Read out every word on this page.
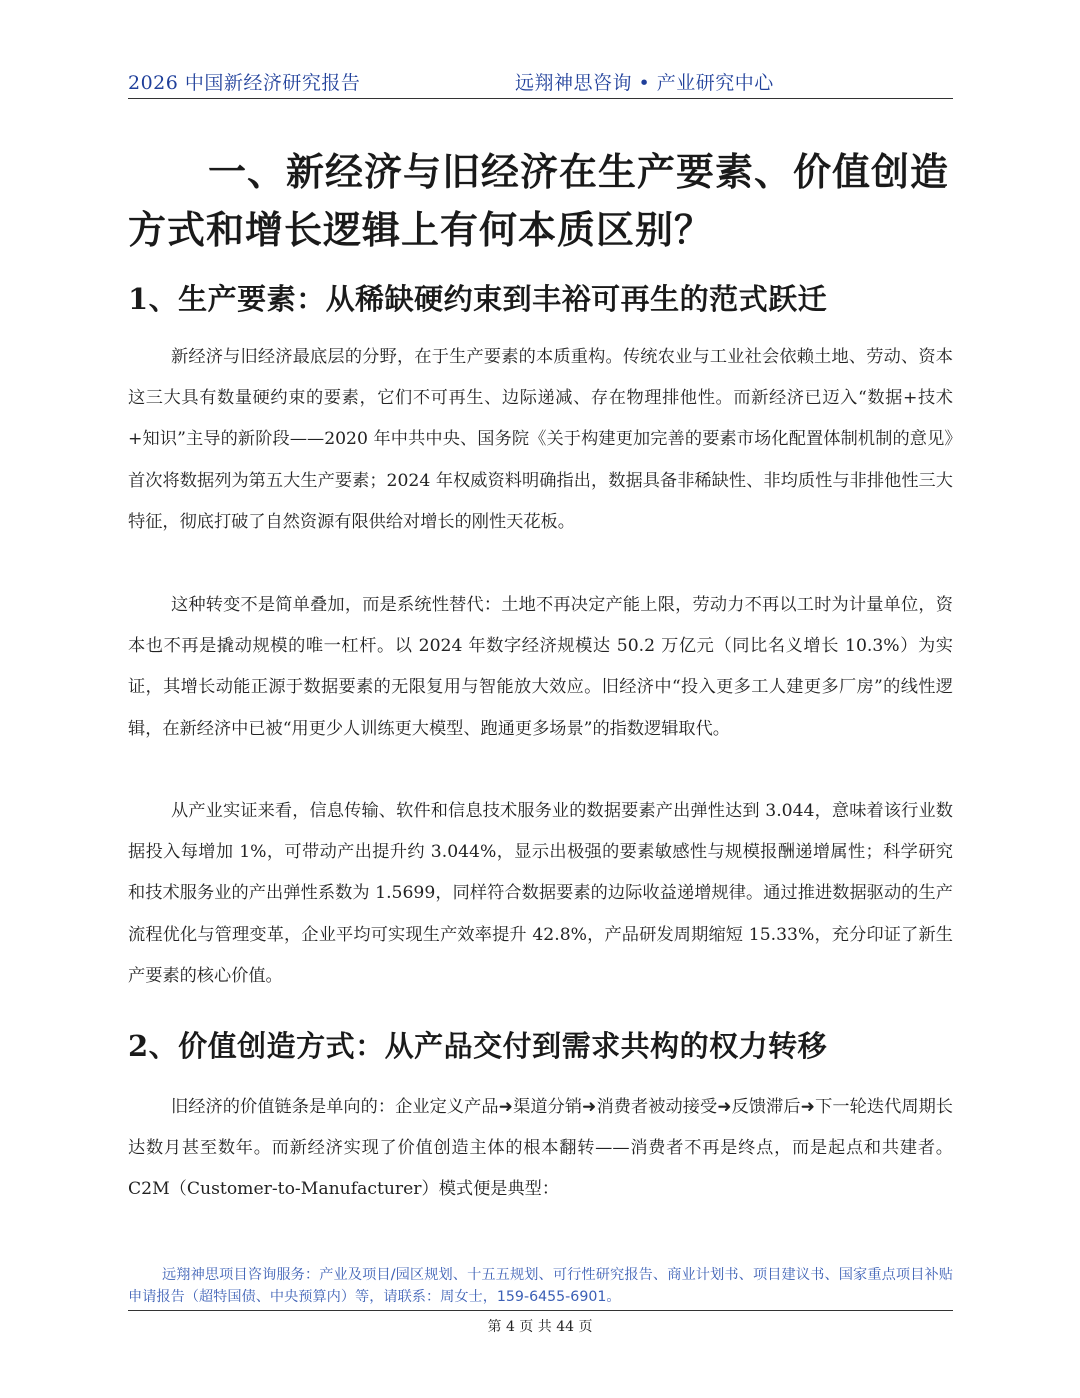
2026 中国新经济研究报告	远翔神思咨询 • 产业研究中心
一、新经济与旧经济在生产要素、价值创造方式和增长逻辑上有何本质区别？
1、生产要素：从稀缺硬约束到丰裕可再生的范式跃迁

新经济与旧经济最底层的分野，在于生产要素的本质重构。传统农业与工业社会依赖土地、劳动、资本这三大具有数量硬约束的要素，它们不可再生、边际递减、存在物理排他性。而新经济已迈入“数据+技术+知识”主导的新阶段——2020 年中共中央、国务院《关于构建更加完善的要素市场化配置体制机制的意见》首次将数据列为第五大生产要素；2024 年权威资料明确指出，数据具备非稀缺性、非均质性与非排他性三大特征，彻底打破了自然资源有限供给对增长的刚性天花板。

这种转变不是简单叠加，而是系统性替代：土地不再决定产能上限，劳动力不再以工时为计量单位，资本也不再是撬动规模的唯一杠杆。以 2024 年数字经济规模达 50.2 万亿元（同比名义增长 10.3%）为实证，其增长动能正源于数据要素的无限复用与智能放大效应。旧经济中“投入更多工人建更多厂房”的线性逻辑，在新经济中已被“用更少人训练更大模型、跑通更多场景”的指数逻辑取代。

从产业实证来看，信息传输、软件和信息技术服务业的数据要素产出弹性达到 3.044，意味着该行业数据投入每增加 1%，可带动产出提升约 3.044%，显示出极强的要素敏感性与规模报酬递增属性；科学研究和技术服务业的产出弹性系数为 1.5699，同样符合数据要素的边际收益递增规律。通过推进数据驱动的生产流程优化与管理变革，企业平均可实现生产效率提升 42.8%，产品研发周期缩短 15.33%，充分印证了新生产要素的核心价值。

2、价值创造方式：从产品交付到需求共构的权力转移

旧经济的价值链条是单向的：企业定义产品➜渠道分销➜消费者被动接受➜反馈滞后➜下一轮迭代周期长达数月甚至数年。而新经济实现了价值创造主体的根本翻转——消费者不再是终点，而是起点和共建者。C2M（Customer-to-Manufacturer）模式便是典型：

远翔神思项目咨询服务：产业及项目/园区规划、十五五规划、可行性研究报告、商业计划书、项目建议书、国家重点项目补贴申请报告（超特国债、中央预算内）等，请联系：周女士，159-6455-6901。

第 4 页 共 44 页
